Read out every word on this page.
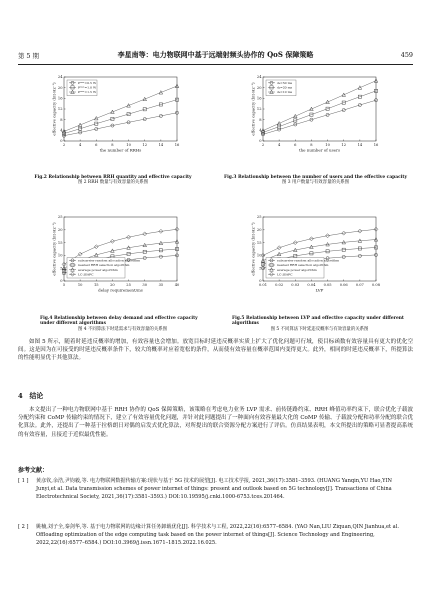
第 5 期	李星南等：电力物联网中基于远端射频头协作的 QoS 保障策略	459
2	4	6	8	10	12	14	16
0
4
8
12
16
20
24
the number of RRHs
effective capacity (bit·Hz⁻¹)	Pᵐᵃˣ=0.5 W
Pᵐᵃˣ=1.0 W
Pᵐᵃˣ=1.5 W
Fig.2 Relationship between RRH quantity and effective capacity
图 2 RRH 数量与有效容量的关系图
2	4	6	8	10	12	14	16
0
4
8
12
16
20
24
the number of users
effective capacity (bit·Hz⁻¹)	dₖ=50 ms
dₖ=20 ms
dₖ=10 ms
Fig.3 Relationship between the number of users and the effective capacity
图 3 用户数量与有效容量的关系图
5	10	15	20	25	30	35	40
0
5
10
15
20
25
delay requirement/ms
effective capacity (bit·Hz⁻¹)	subcarrier random allocation algorithm
nearest RRH selection algorithm
average power algorithm
LC-JSAPC
Fig.4 Relationship between delay demand and effective capacity under different algorithms
图 4 不同算法下时延需求与有效容量的关系图
0.01 0.02 0.03 0.04 0.05 0.06 0.07 0.08
0
5
10
15
20
25
LVP
effective capacity (bit·Hz⁻¹)	subcarrier random allocation algorithm
nearest RRH selection algorithm
average power algorithm
LC-JSAPC
Fig.5 Relationship between LVP and effective capacity under different algorithms
图 5 不同算法下时延违反概率与有效容量的关系图
如图 5 所示，随着时延违反概率的增加，有效容量也会增加。放宽目标时延违反概率实质上扩大了优化问题可行域，使目标函数有效容量具有更大的优化空间。这是因为在可接受的时延违反概率条件下，较大的概率对应着宽松的条件，从而使有效容量在概率范围内变得更大。此外，相同的时延违反概率下，所提算法的性能明显优于其他算法。
4　结论
本文提出了一种电力物联网中基于 RRH 协作的 QoS 保障策略，该策略在考虑电力业务 LVP 需求、前传链路约束、RRH 峰值功率约束下，联合优化子载波分配约束和 CoMP 传输约束的情况下，建立了有效容量优化问题，并针对此问题提出了一种面向有效容量最大化的 CoMP 传输、子载波分配和功率分配的联合优化算法。此外，还提出了一种基于拉格朗日对偶的启发式优化算法，对所提出的联合资源分配方案进行了评估。仿真结果表明，本文所提出的策略可显著提高系统的有效容量，且接近于近似最优性能。
参考文献：
[ 1 ] 黄彦钦,余浩,尹钧毅,等. 电力物联网数据传输方案:现状与基于 5G 技术的展望[J]. 电工技术学报, 2021,36(17):3581–3593. (HUANG Yanqin,YU Hao,YIN Junyi,et al. Data transmission schemes of power internet of things: present and outlook based on 5G technology[J]. Transactions of China Electrotechnical Society, 2021,36(17):3581–3593.) DOI:10.19595/j.cnki.1000-6753.tces.201464.
[ 2 ] 姚楠,刘子全,秦剑华,等. 基于电力物联网的边缘计算任务卸载优化[J]. 科学技术与工程, 2022,22(16):6577–6584. (YAO Nan,LIU Ziquan,QIN Jianhua,et al. Offloading optimization of the edge computing task based on the power internet of things[J]. Science Technology and Engineering, 2022,22(16):6577–6584.) DOI:10.3969/j.issn.1671–1815.2022.16.025.
